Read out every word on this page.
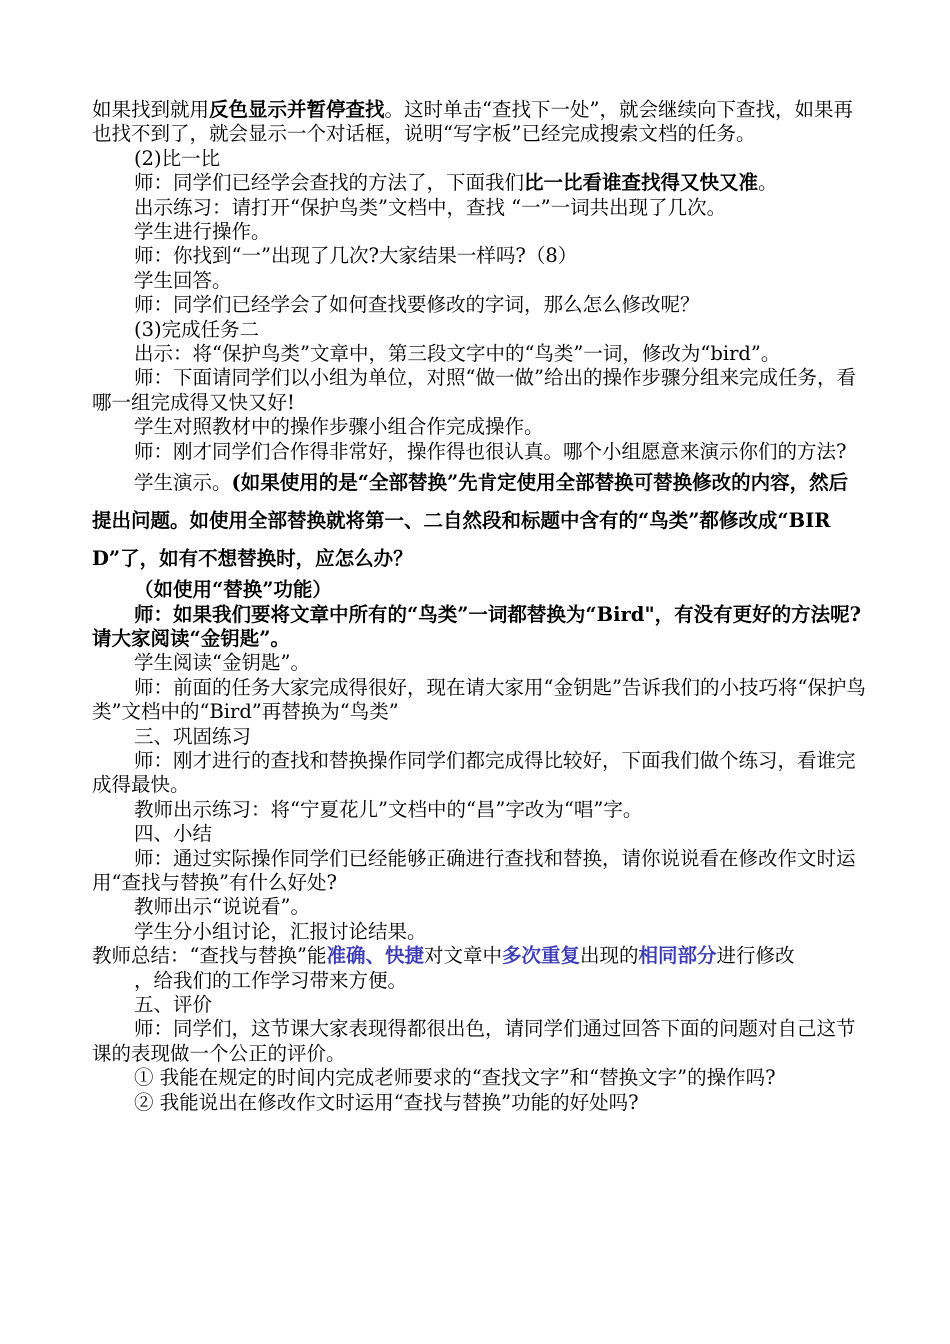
如果找到就用反色显示并暂停查找。这时单击“查找下一处”，就会继续向下查找，如果再也找不到了，就会显示一个对话框，说明“写字板”已经完成搜索文档的任务。

(2)比一比

师：同学们已经学会查找的方法了，下面我们比一比看谁查找得又快又准。

出示练习：请打开“保护鸟类”文档中，查找 “一”一词共出现了几次。

学生进行操作。

师：你找到“一”出现了几次?大家结果一样吗?（8）

学生回答。

师：同学们已经学会了如何查找要修改的字词，那么怎么修改呢？

(3)完成任务二

出示：将“保护鸟类”文章中，第三段文字中的“鸟类”一词，修改为“bird”。

师：下面请同学们以小组为单位，对照“做一做”给出的操作步骤分组来完成任务，看哪一组完成得又快又好!

学生对照教材中的操作步骤小组合作完成操作。

师：刚才同学们合作得非常好，操作得也很认真。哪个小组愿意来演示你们的方法?

学生演示。(如果使用的是“全部替换”先肯定使用全部替换可替换修改的内容，然后提出问题。如使用全部替换就将第一、二自然段和标题中含有的“鸟类”都修改成“BIRD”了，如有不想替换时，应怎么办？

（如使用“替换”功能）

师：如果我们要将文章中所有的“鸟类”一词都替换为“Bird"，有没有更好的方法呢?请大家阅读“金钥匙”。

学生阅读“金钥匙”。

师：前面的任务大家完成得很好，现在请大家用“金钥匙”告诉我们的小技巧将“保护鸟类”文档中的“Bird”再替换为“鸟类”

三、巩固练习

师：刚才进行的查找和替换操作同学们都完成得比较好，下面我们做个练习，看谁完成得最快。

教师出示练习：将“宁夏花儿”文档中的“昌”字改为“唱”字。

四、小结

师：通过实际操作同学们已经能够正确进行查找和替换，请你说说看在修改作文时运用“查找与替换”有什么好处?

教师出示“说说看”。

学生分小组讨论，汇报讨论结果。

教师总结：“查找与替换”能准确、快捷对文章中多次重复出现的相同部分进行修改

，给我们的工作学习带来方便。

五、评价

师：同学们，这节课大家表现得都很出色，请同学们通过回答下面的问题对自己这节课的表现做一个公正的评价。

① 我能在规定的时间内完成老师要求的“查找文字”和“替换文字”的操作吗?

② 我能说出在修改作文时运用“查找与替换”功能的好处吗?
